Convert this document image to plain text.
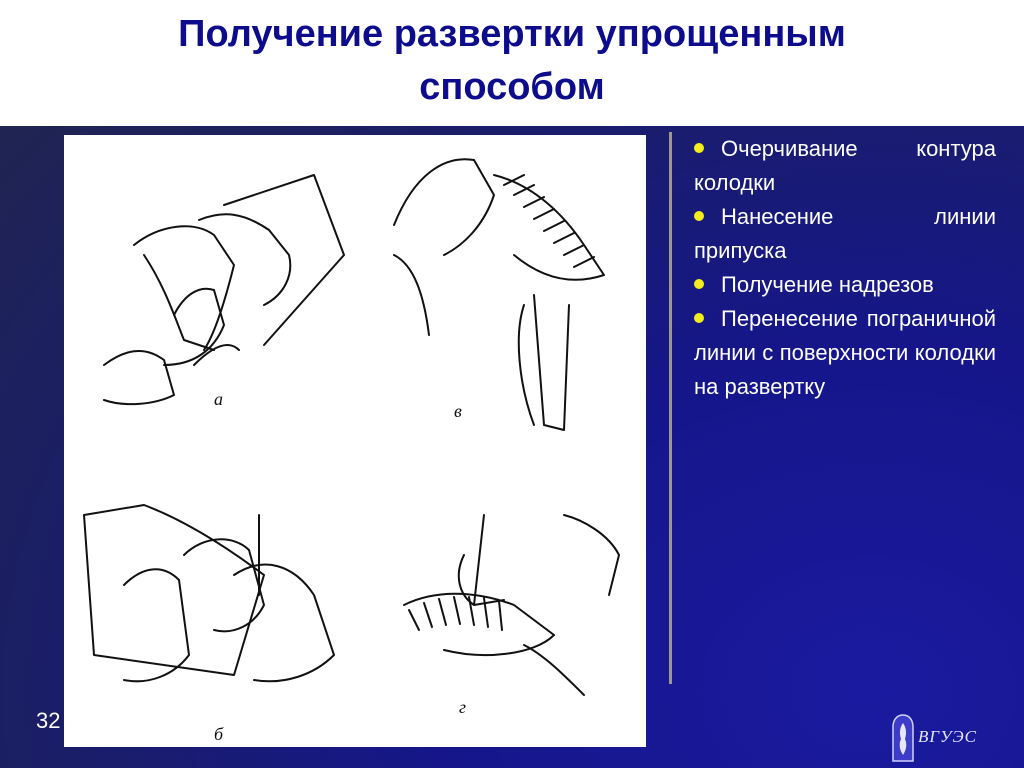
Получение развертки упрощенным
способом
а
в
б
г
Очерчивание контура колодки
Нанесение линии припуска
Получение надрезов
Перенесение пограничной линии с поверхности колодки на развертку
32
ВГУЭС
